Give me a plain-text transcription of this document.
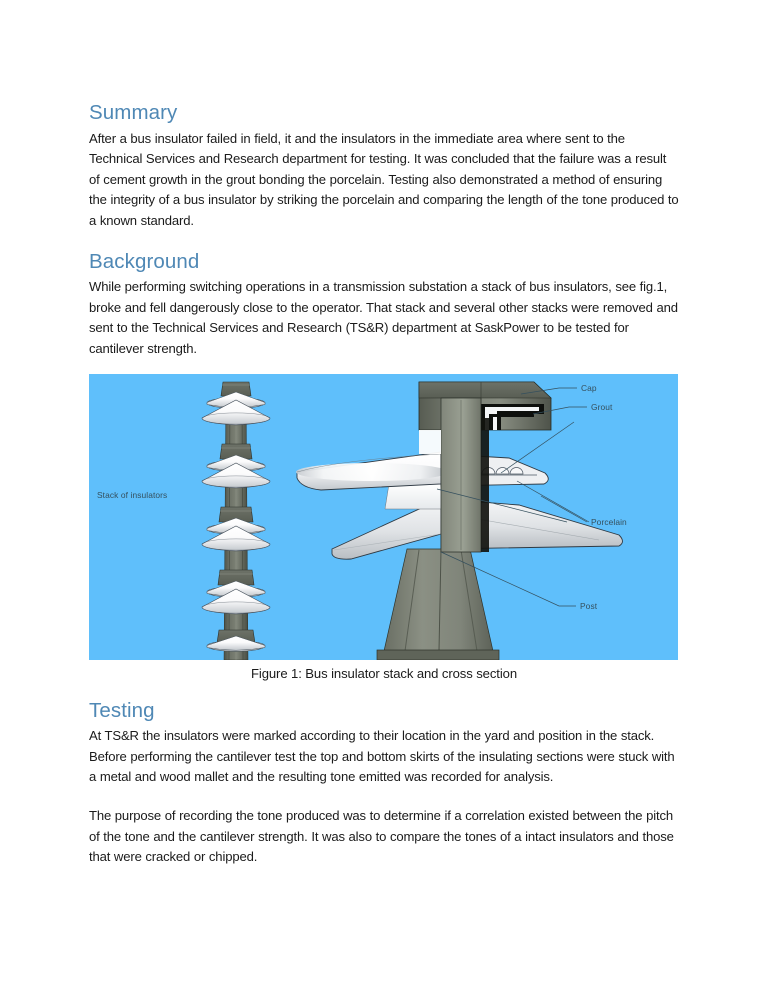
Summary

After a bus insulator failed in field, it and the insulators in the immediate area where sent to the Technical Services and Research department for testing. It was concluded that the failure was a result of cement growth in the grout bonding the porcelain. Testing also demonstrated a method of ensuring the integrity of a bus insulator by striking the porcelain and comparing the length of the tone produced to a known standard.

Background

While performing switching operations in a transmission substation a stack of bus insulators, see fig.1, broke and fell dangerously close to the operator. That stack and several other stacks were removed and sent to the Technical Services and Research (TS&R) department at SaskPower to be tested for cantilever strength.

Stack of insulators
Cap
Grout
Porcelain
Post
Figure 1: Bus insulator stack and cross section
Testing

At TS&R the insulators were marked according to their location in the yard and position in the stack. Before performing the cantilever test the top and bottom skirts of the insulating sections were stuck with a metal and wood mallet and the resulting tone emitted was recorded for analysis.

The purpose of recording the tone produced was to determine if a correlation existed between the pitch of the tone and the cantilever strength. It was also to compare the tones of a intact insulators and those that were cracked or chipped.
